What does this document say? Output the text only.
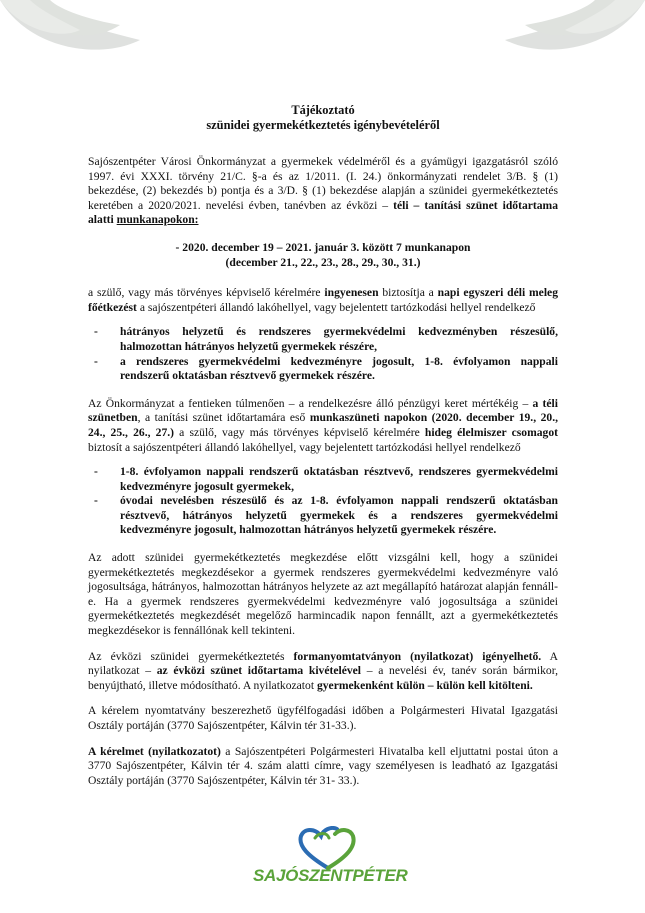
Tájékoztató
szünidei gyermekétkeztetés igénybevételéről

Sajószentpéter Városi Önkormányzat a gyermekek védelméről és a gyámügyi igazgatásról szóló 1997. évi XXXI. törvény 21/C. §-a és az 1/2011. (I. 24.) önkormányzati rendelet 3/B. § (1) bekezdése, (2) bekezdés b) pontja és a 3/D. § (1) bekezdése alapján a szünidei gyermekétkeztetés keretében a 2020/2021. nevelési évben, tanévben az évközi – téli – tanítási szünet időtartama alatti munkanapokon:

- 2020. december 19 – 2021. január 3. között 7 munkanapon
(december 21., 22., 23., 28., 29., 30., 31.)

a szülő, vagy más törvényes képviselő kérelmére ingyenesen biztosítja a napi egyszeri déli meleg főétkezést a sajószentpéteri állandó lakóhellyel, vagy bejelentett tartózkodási hellyel rendelkező

- hátrányos helyzetű és rendszeres gyermekvédelmi kedvezményben részesülő, halmozottan hátrányos helyzetű gyermekek részére,
- a rendszeres gyermekvédelmi kedvezményre jogosult, 1-8. évfolyamon nappali rendszerű oktatásban résztvevő gyermekek részére.

Az Önkormányzat a fentieken túlmenően – a rendelkezésre álló pénzügyi keret mértékéig – a téli szünetben, a tanítási szünet időtartamára eső munkaszüneti napokon (2020. december 19., 20., 24., 25., 26., 27.) a szülő, vagy más törvényes képviselő kérelmére hideg élelmiszer csomagot biztosít a sajószentpéteri állandó lakóhellyel, vagy bejelentett tartózkodási hellyel rendelkező

- 1-8. évfolyamon nappali rendszerű oktatásban résztvevő, rendszeres gyermekvédelmi kedvezményre jogosult gyermekek,
- óvodai nevelésben részesülő és az 1-8. évfolyamon nappali rendszerű oktatásban résztvevő, hátrányos helyzetű gyermekek és a rendszeres gyermekvédelmi kedvezményre jogosult, halmozottan hátrányos helyzetű gyermekek részére.

Az adott szünidei gyermekétkeztetés megkezdése előtt vizsgálni kell, hogy a szünidei gyermekétkeztetés megkezdésekor a gyermek rendszeres gyermekvédelmi kedvezményre való jogosultsága, hátrányos, halmozottan hátrányos helyzete az azt megállapító határozat alapján fennáll-e. Ha a gyermek rendszeres gyermekvédelmi kedvezményre való jogosultsága a szünidei gyermekétkeztetés megkezdését megelőző harmincadik napon fennállt, azt a gyermekétkeztetés megkezdésekor is fennállónak kell tekinteni.

Az évközi szünidei gyermekétkeztetés formanyomtatványon (nyilatkozat) igényelhető. A nyilatkozat – az évközi szünet időtartama kivételével – a nevelési év, tanév során bármikor, benyújtható, illetve módosítható. A nyilatkozatot gyermekenként külön – külön kell kitölteni.

A kérelem nyomtatvány beszerezhető ügyfélfogadási időben a Polgármesteri Hivatal Igazgatási Osztály portáján (3770 Sajószentpéter, Kálvin tér 31-33.).

A kérelmet (nyilatkozatot) a Sajószentpéteri Polgármesteri Hivatalba kell eljuttatni postai úton a 3770 Sajószentpéter, Kálvin tér 4. szám alatti címre, vagy személyesen is leadható az Igazgatási Osztály portáján (3770 Sajószentpéter, Kálvin tér 31- 33.).

SAJÓSZENTPÉTER
